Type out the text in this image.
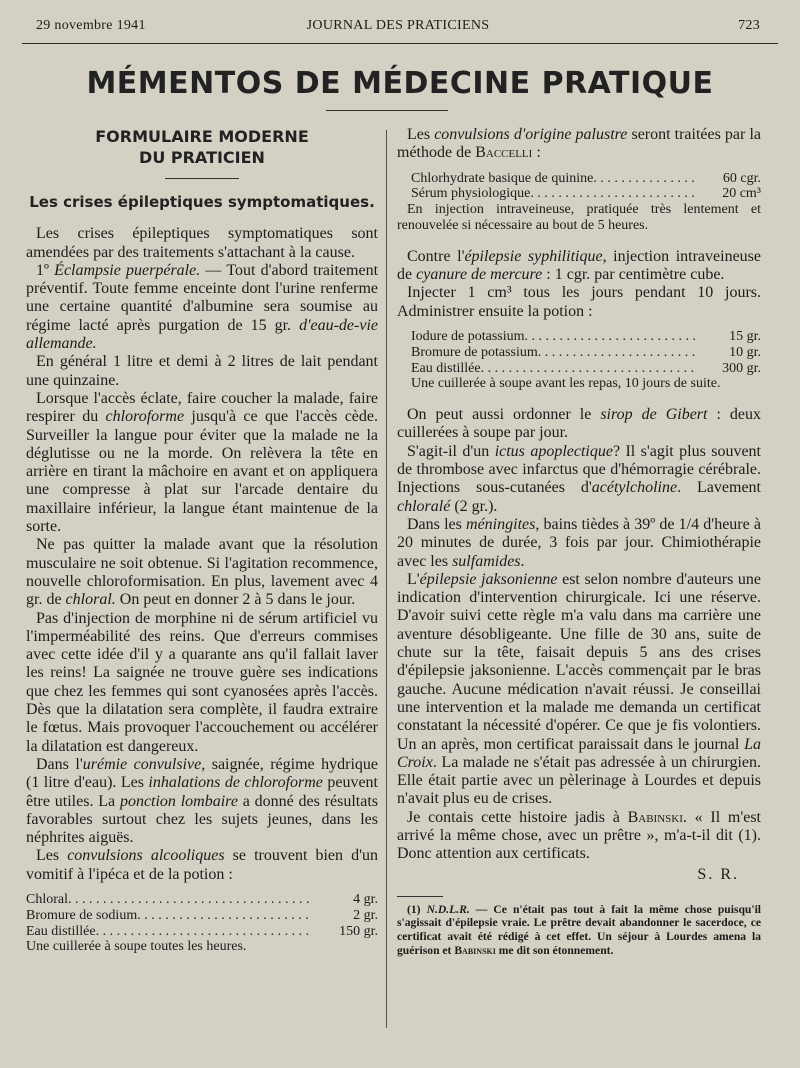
29 novembre 1941	JOURNAL DES PRATICIENS	723
MÉMENTOS DE MÉDECINE PRATIQUE
FORMULAIRE MODERNE
DU PRATICIEN
Les crises épileptiques symptomatiques.

Les crises épileptiques symptomatiques sont amendées par des traitements s'attachant à la cause.

1º Éclampsie puerpérale. — Tout d'abord traitement préventif. Toute femme enceinte dont l'urine renferme une certaine quantité d'albumine sera soumise au régime lacté après purgation de 15 gr. d'eau-de-vie allemande.

En général 1 litre et demi à 2 litres de lait pendant une quinzaine.

Lorsque l'accès éclate, faire coucher la malade, faire respirer du chloroforme jusqu'à ce que l'accès cède. Surveiller la langue pour éviter que la malade ne la déglutisse ou ne la morde. On relèvera la tête en arrière en tirant la mâchoire en avant et on appliquera une compresse à plat sur l'arcade dentaire du maxillaire inférieur, la langue étant maintenue de la sorte.

Ne pas quitter la malade avant que la résolution musculaire ne soit obtenue. Si l'agitation recommence, nouvelle chloroformisation. En plus, lavement avec 4 gr. de chloral. On peut en donner 2 à 5 dans le jour.

Pas d'injection de morphine ni de sérum artificiel vu l'imperméabilité des reins. Que d'erreurs commises avec cette idée d'il y a quarante ans qu'il fallait laver les reins! La saignée ne trouve guère ses indications que chez les femmes qui sont cyanosées après l'accès. Dès que la dilatation sera complète, il faudra extraire le fœtus. Mais provoquer l'accouchement ou accélérer la dilatation est dangereux.

Dans l'urémie convulsive, saignée, régime hydrique (1 litre d'eau). Les inhalations de chloroforme peuvent être utiles. La ponction lombaire a donné des résultats favorables surtout chez les sujets jeunes, dans les néphrites aiguës.

Les convulsions alcooliques se trouvent bien d'un vomitif à l'ipéca et de la potion :

Chloral . . .	4 gr.
Bromure de sodium . . .	2 gr.
Eau distillée . . .	150 gr.
Une cuillerée à soupe toutes les heures.

Les convulsions d'origine palustre seront traitées par la méthode de Baccelli :

Chlorhydrate basique de quinine . . .	60 cgr.
Sérum physiologique . . .	20 cm³
En injection intraveineuse, pratiquée très lentement et renouvelée si nécessaire au bout de 5 heures.

Contre l'épilepsie syphilitique, injection intraveineuse de cyanure de mercure : 1 cgr. par centimètre cube.

Injecter 1 cm³ tous les jours pendant 10 jours. Administrer ensuite la potion :

Iodure de potassium . . .	15 gr.
Bromure de potassium . . .	10 gr.
Eau distillée . . .	300 gr.
Une cuillerée à soupe avant les repas, 10 jours de suite.

On peut aussi ordonner le sirop de Gibert : deux cuillerées à soupe par jour.

S'agit-il d'un ictus apoplectique? Il s'agit plus souvent de thrombose avec infarctus que d'hémorragie cérébrale. Injections sous-cutanées d'acétylcholine. Lavement chloralé (2 gr.).

Dans les méningites, bains tièdes à 39º de 1/4 d'heure à 20 minutes de durée, 3 fois par jour. Chimiothérapie avec les sulfamides.

L'épilepsie jaksonienne est selon nombre d'auteurs une indication d'intervention chirurgicale. Ici une réserve. D'avoir suivi cette règle m'a valu dans ma carrière une aventure désobligeante. Une fille de 30 ans, suite de chute sur la tête, faisait depuis 5 ans des crises d'épilepsie jaksonienne. L'accès commençait par le bras gauche. Aucune médication n'avait réussi. Je conseillai une intervention et la malade me demanda un certificat constatant la nécessité d'opérer. Ce que je fis volontiers. Un an après, mon certificat paraissait dans le journal La Croix. La malade ne s'était pas adressée à un chirurgien. Elle était partie avec un pèlerinage à Lourdes et depuis n'avait plus eu de crises.

Je contais cette histoire jadis à Babinski. « Il m'est arrivé la même chose, avec un prêtre », m'a-t-il dit (1). Donc attention aux certificats.

S. R.

(1) N.D.L.R. — Ce n'était pas tout à fait la même chose puisqu'il s'agissait d'épilepsie vraie. Le prêtre devait abandonner le sacerdoce, ce certificat avait été rédigé à cet effet. Un séjour à Lourdes amena la guérison et Babinski me dit son étonnement.
